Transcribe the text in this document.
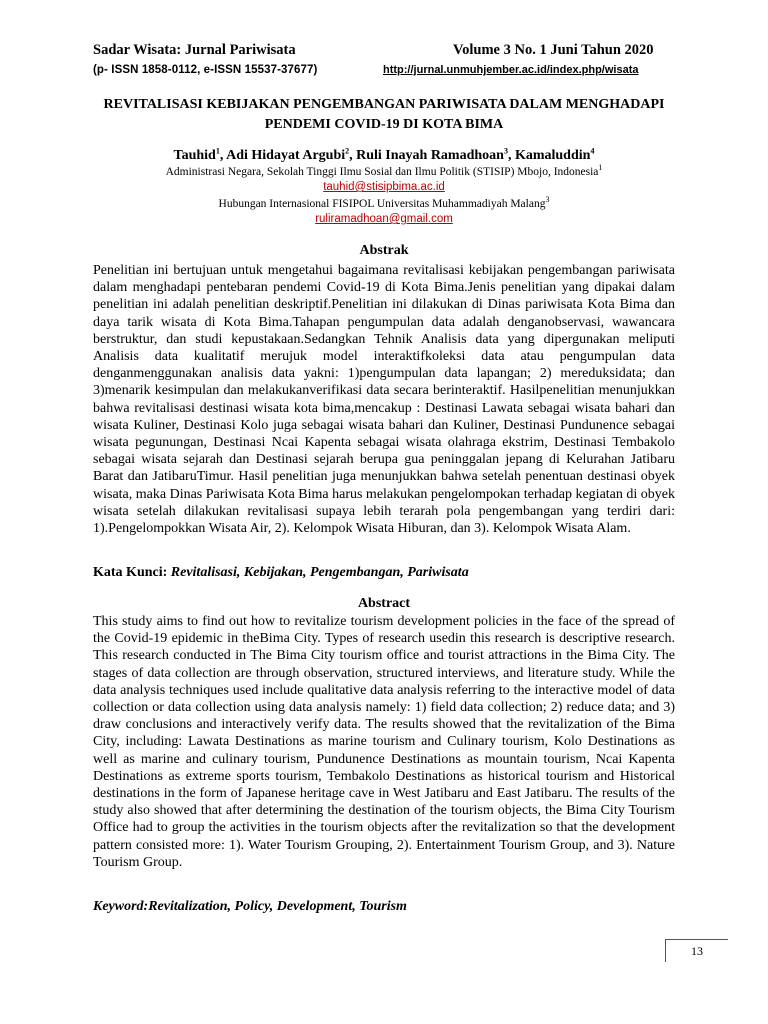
Sadar Wisata: Jurnal Pariwisata	Volume 3 No. 1 Juni Tahun 2020
(p- ISSN 1858-0112, e-ISSN 15537-37677)	http://jurnal.unmuhjember.ac.id/index.php/wisata
REVITALISASI KEBIJAKAN PENGEMBANGAN PARIWISATA DALAM MENGHADAPI PENDEMI COVID-19 DI KOTA BIMA
Tauhid$^1$, Adi Hidayat Argubi$^2$, Ruli Inayah Ramadhoan$^3$, Kamaluddin$^4$
Administrasi Negara, Sekolah Tinggi Ilmu Sosial dan Ilmu Politik (STISIP) Mbojo, Indonesia$^1$
tauhid@stisipbima.ac.id
Hubungan Internasional FISIPOL Universitas Muhammadiyah Malang$^3$
ruliramadhoan@gmail.com
Abstrak
Penelitian ini bertujuan untuk mengetahui bagaimana revitalisasi kebijakan pengembangan pariwisata dalam menghadapi pentebaran pendemi Covid-19 di Kota Bima.Jenis penelitian yang dipakai dalam penelitian ini adalah penelitian deskriptif.Penelitian ini dilakukan di Dinas pariwisata Kota Bima dan daya tarik wisata di Kota Bima.Tahapan pengumpulan data adalah denganobservasi, wawancara berstruktur, dan studi kepustakaan.Sedangkan Tehnik Analisis data yang dipergunakan meliputi Analisis data kualitatif merujuk model interaktifkoleksi data atau pengumpulan data denganmenggunakan analisis data yakni: 1)pengumpulan data lapangan; 2) mereduksidata; dan 3)menarik kesimpulan dan melakukanverifikasi data secara berinteraktif. Hasilpenelitian menunjukkan bahwa revitalisasi destinasi wisata kota bima,mencakup : Destinasi Lawata sebagai wisata bahari dan wisata Kuliner, Destinasi Kolo juga sebagai wisata bahari dan Kuliner, Destinasi Pundunence sebagai wisata pegunungan, Destinasi Ncai Kapenta sebagai wisata olahraga ekstrim, Destinasi Tembakolo sebagai wisata sejarah dan Destinasi sejarah berupa gua peninggalan jepang di Kelurahan Jatibaru Barat dan JatibaruTimur. Hasil penelitian juga menunjukkan bahwa setelah penentuan destinasi obyek wisata, maka Dinas Pariwisata Kota Bima harus melakukan pengelompokan terhadap kegiatan di obyek wisata setelah dilakukan revitalisasi supaya lebih terarah pola pengembangan yang terdiri dari: 1).Pengelompokkan Wisata Air, 2). Kelompok Wisata Hiburan, dan 3). Kelompok Wisata Alam.
Kata Kunci: Revitalisasi, Kebijakan, Pengembangan, Pariwisata
Abstract
This study aims to find out how to revitalize tourism development policies in the face of the spread of the Covid-19 epidemic in theBima City. Types of research usedin this research is descriptive research. This research conducted in The Bima City tourism office and tourist attractions in the Bima City. The stages of data collection are through observation, structured interviews, and literature study. While the data analysis techniques used include qualitative data analysis referring to the interactive model of data collection or data collection using data analysis namely: 1) field data collection; 2) reduce data; and 3) draw conclusions and interactively verify data. The results showed that the revitalization of the Bima City, including: Lawata Destinations as marine tourism and Culinary tourism, Kolo Destinations as well as marine and culinary tourism, Pundunence Destinations as mountain tourism, Ncai Kapenta Destinations as extreme sports tourism, Tembakolo Destinations as historical tourism and Historical destinations in the form of Japanese heritage cave in West Jatibaru and East Jatibaru. The results of the study also showed that after determining the destination of the tourism objects, the Bima City Tourism Office had to group the activities in the tourism objects after the revitalization so that the development pattern consisted more: 1). Water Tourism Grouping, 2). Entertainment Tourism Group, and 3). Nature Tourism Group.
Keyword:Revitalization, Policy, Development, Tourism
13
